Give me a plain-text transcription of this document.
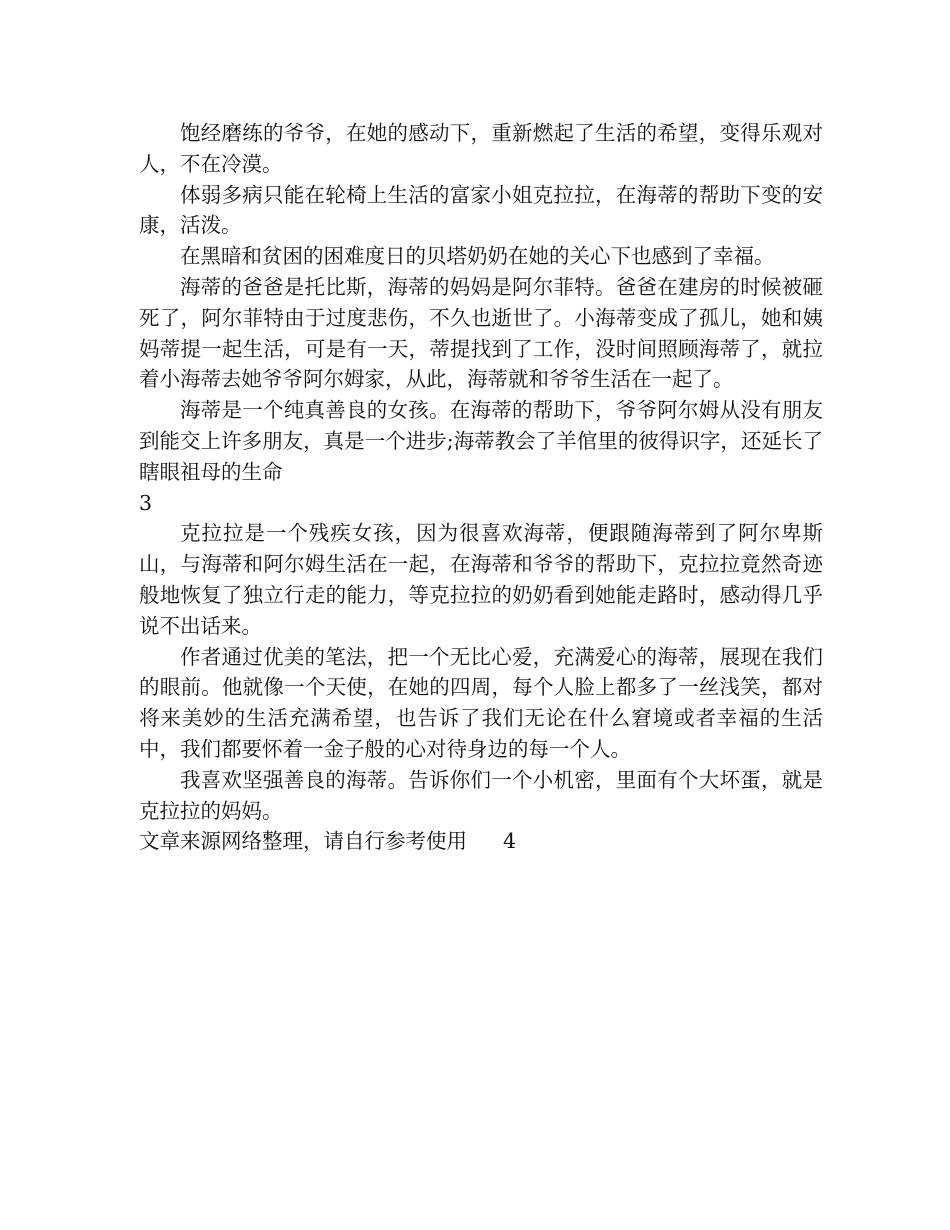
饱经磨练的爷爷，在她的感动下，重新燃起了生活的希望，变得乐观对人，不在冷漠。

体弱多病只能在轮椅上生活的富家小姐克拉拉，在海蒂的帮助下变的安康，活泼。

在黑暗和贫困的困难度日的贝塔奶奶在她的关心下也感到了幸福。

海蒂的爸爸是托比斯，海蒂的妈妈是阿尔菲特。爸爸在建房的时候被砸死了，阿尔菲特由于过度悲伤，不久也逝世了。小海蒂变成了孤儿，她和姨妈蒂提一起生活，可是有一天，蒂提找到了工作，没时间照顾海蒂了，就拉着小海蒂去她爷爷阿尔姆家，从此，海蒂就和爷爷生活在一起了。

海蒂是一个纯真善良的女孩。在海蒂的帮助下，爷爷阿尔姆从没有朋友到能交上许多朋友，真是一个进步;海蒂教会了羊倌里的彼得识字，还延长了瞎眼祖母的生命

3

克拉拉是一个残疾女孩，因为很喜欢海蒂，便跟随海蒂到了阿尔卑斯山，与海蒂和阿尔姆生活在一起，在海蒂和爷爷的帮助下，克拉拉竟然奇迹般地恢复了独立行走的能力，等克拉拉的奶奶看到她能走路时，感动得几乎说不出话来。

作者通过优美的笔法，把一个无比心爱，充满爱心的海蒂，展现在我们的眼前。他就像一个天使，在她的四周，每个人脸上都多了一丝浅笑，都对将来美妙的生活充满希望，也告诉了我们无论在什么窘境或者幸福的生活中，我们都要怀着一金子般的心对待身边的每一个人。

我喜欢坚强善良的海蒂。告诉你们一个小机密，里面有个大坏蛋，就是克拉拉的妈妈。

文章来源网络整理，请自行参考使用 4
